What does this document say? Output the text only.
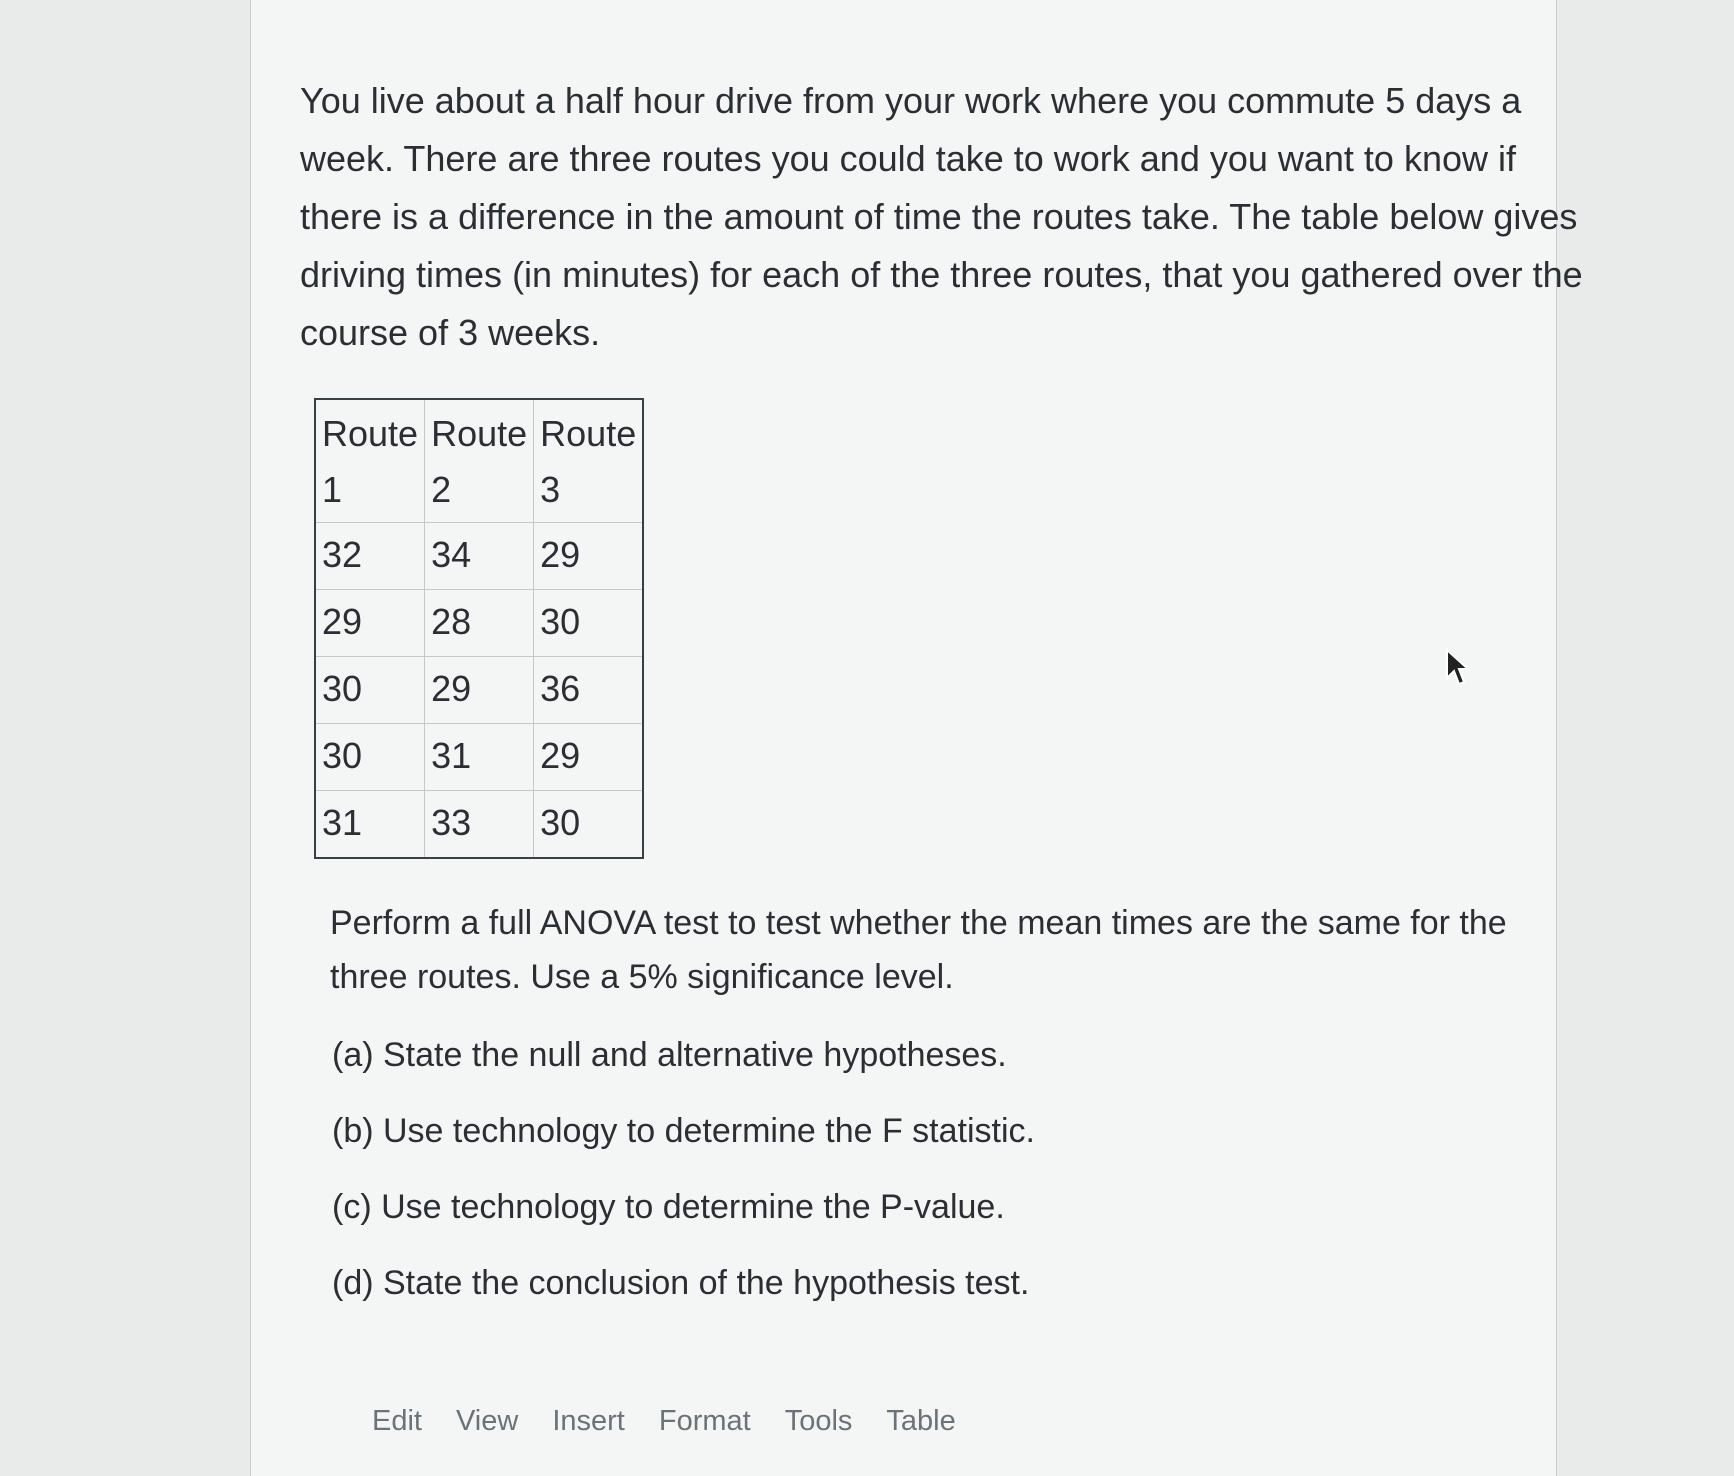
You live about a half hour drive from your work where you commute 5 days a week. There are three routes you could take to work and you want to know if there is a difference in the amount of time the routes take. The table below gives driving times (in minutes) for each of the three routes, that you gathered over the course of 3 weeks.

Route 1	Route 2	Route 3
32	34	29
29	28	30
30	29	36
30	31	29
31	33	30

Perform a full ANOVA test to test whether the mean times are the same for the three routes. Use a 5% significance level.

(a) State the null and alternative hypotheses.
(b) Use technology to determine the F statistic.
(c) Use technology to determine the P-value.
(d) State the conclusion of the hypothesis test.
Edit View Insert Format Tools Table
